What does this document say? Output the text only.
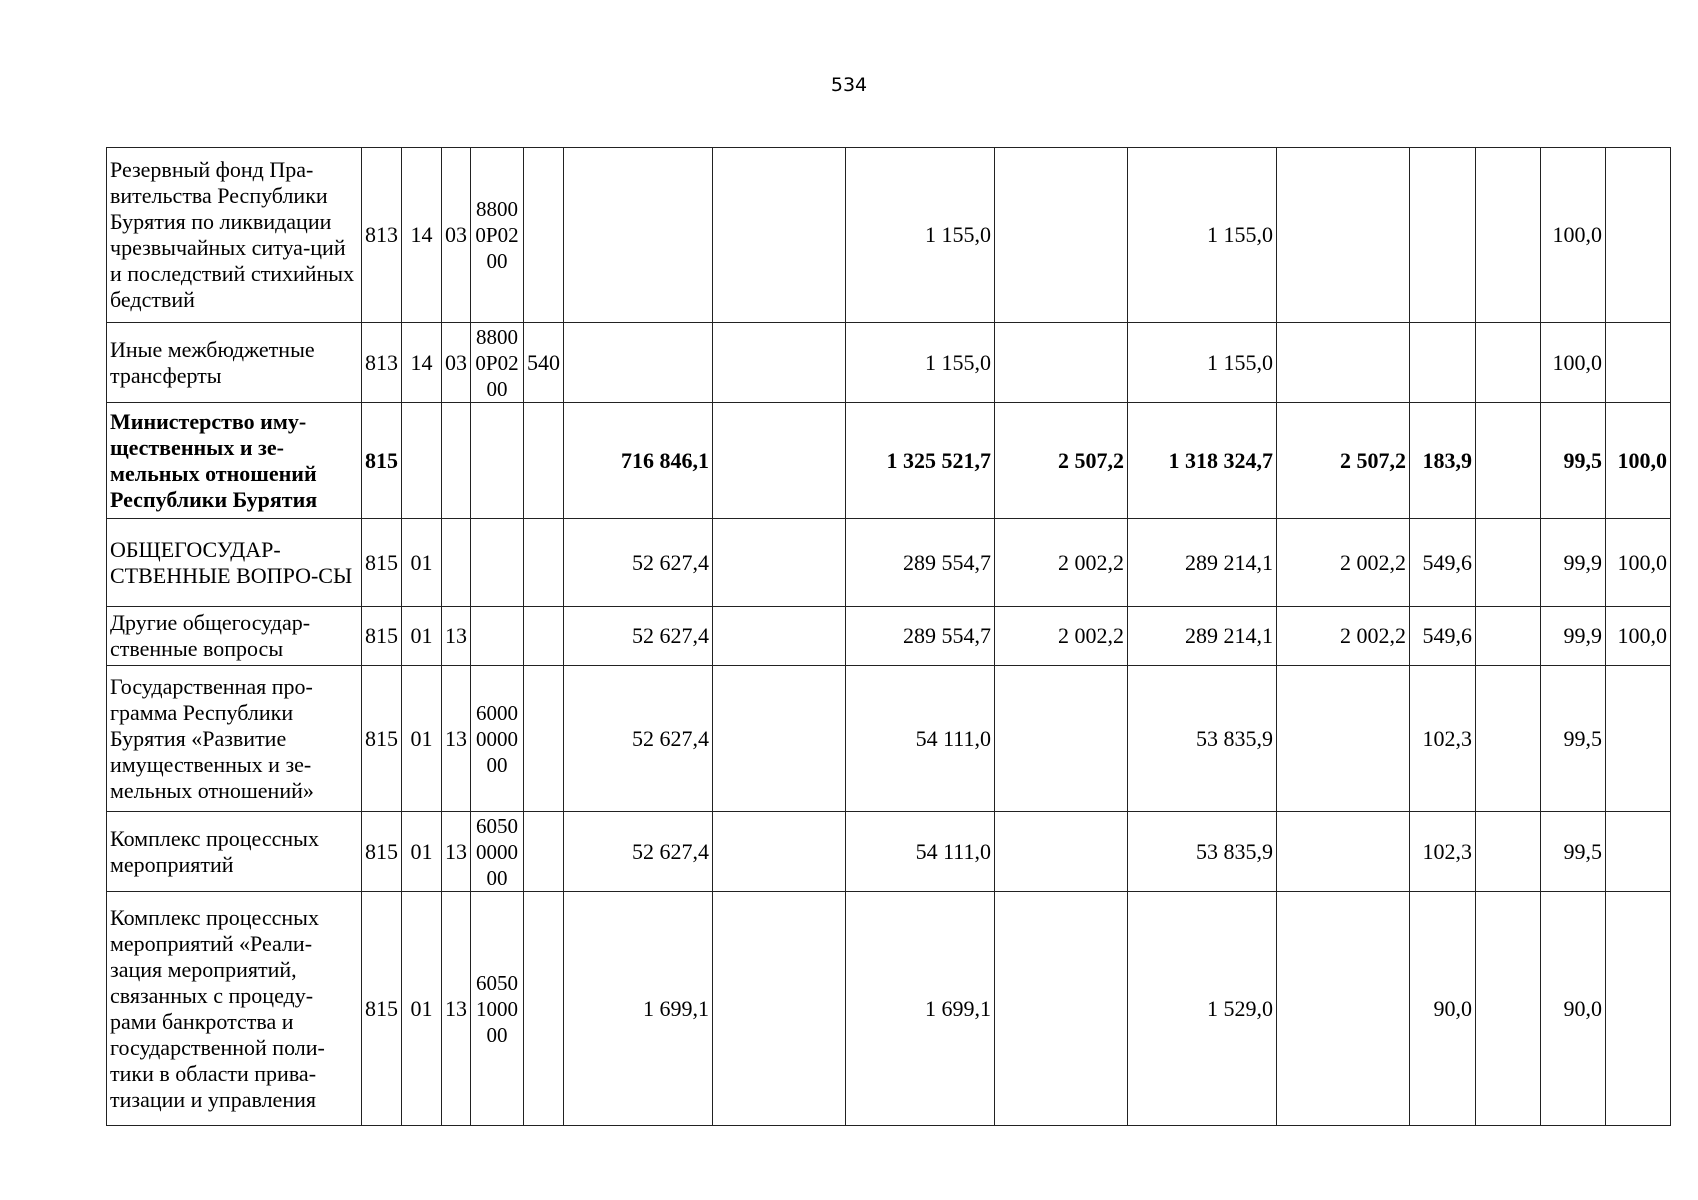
534
Резервный фонд Пра-вительства Республики Бурятия по ликвидации чрезвычайных ситуа-ций и последствий стихийных бедствий	813	14	03	8800 0Р02 00				1 155,0		1 155,0				100,0	
Иные межбюджетные трансферты	813	14	03	8800 0Р02 00	540			1 155,0		1 155,0				100,0	
Министерство иму-щественных и зе-мельных отношений Республики Бурятия	815					716 846,1		1 325 521,7	2 507,2	1 318 324,7	2 507,2	183,9		99,5	100,0
ОБЩЕГОСУДАР-СТВЕННЫЕ ВОПРО-СЫ	815	01				52 627,4		289 554,7	2 002,2	289 214,1	2 002,2	549,6		99,9	100,0
Другие общегосудар-ственные вопросы	815	01	13			52 627,4		289 554,7	2 002,2	289 214,1	2 002,2	549,6		99,9	100,0
Государственная про-грамма Республики Бурятия «Развитие имущественных и зе-мельных отношений»	815	01	13	6000 0000 00		52 627,4		54 111,0		53 835,9		102,3		99,5	
Комплекс процессных мероприятий	815	01	13	6050 0000 00		52 627,4		54 111,0		53 835,9		102,3		99,5	
Комплекс процессных мероприятий «Реали-зация мероприятий, связанных с процеду-рами банкротства и государственной поли-тики в области прива-тизации и управления	815	01	13	6050 1000 00		1 699,1		1 699,1		1 529,0		90,0		90,0	
